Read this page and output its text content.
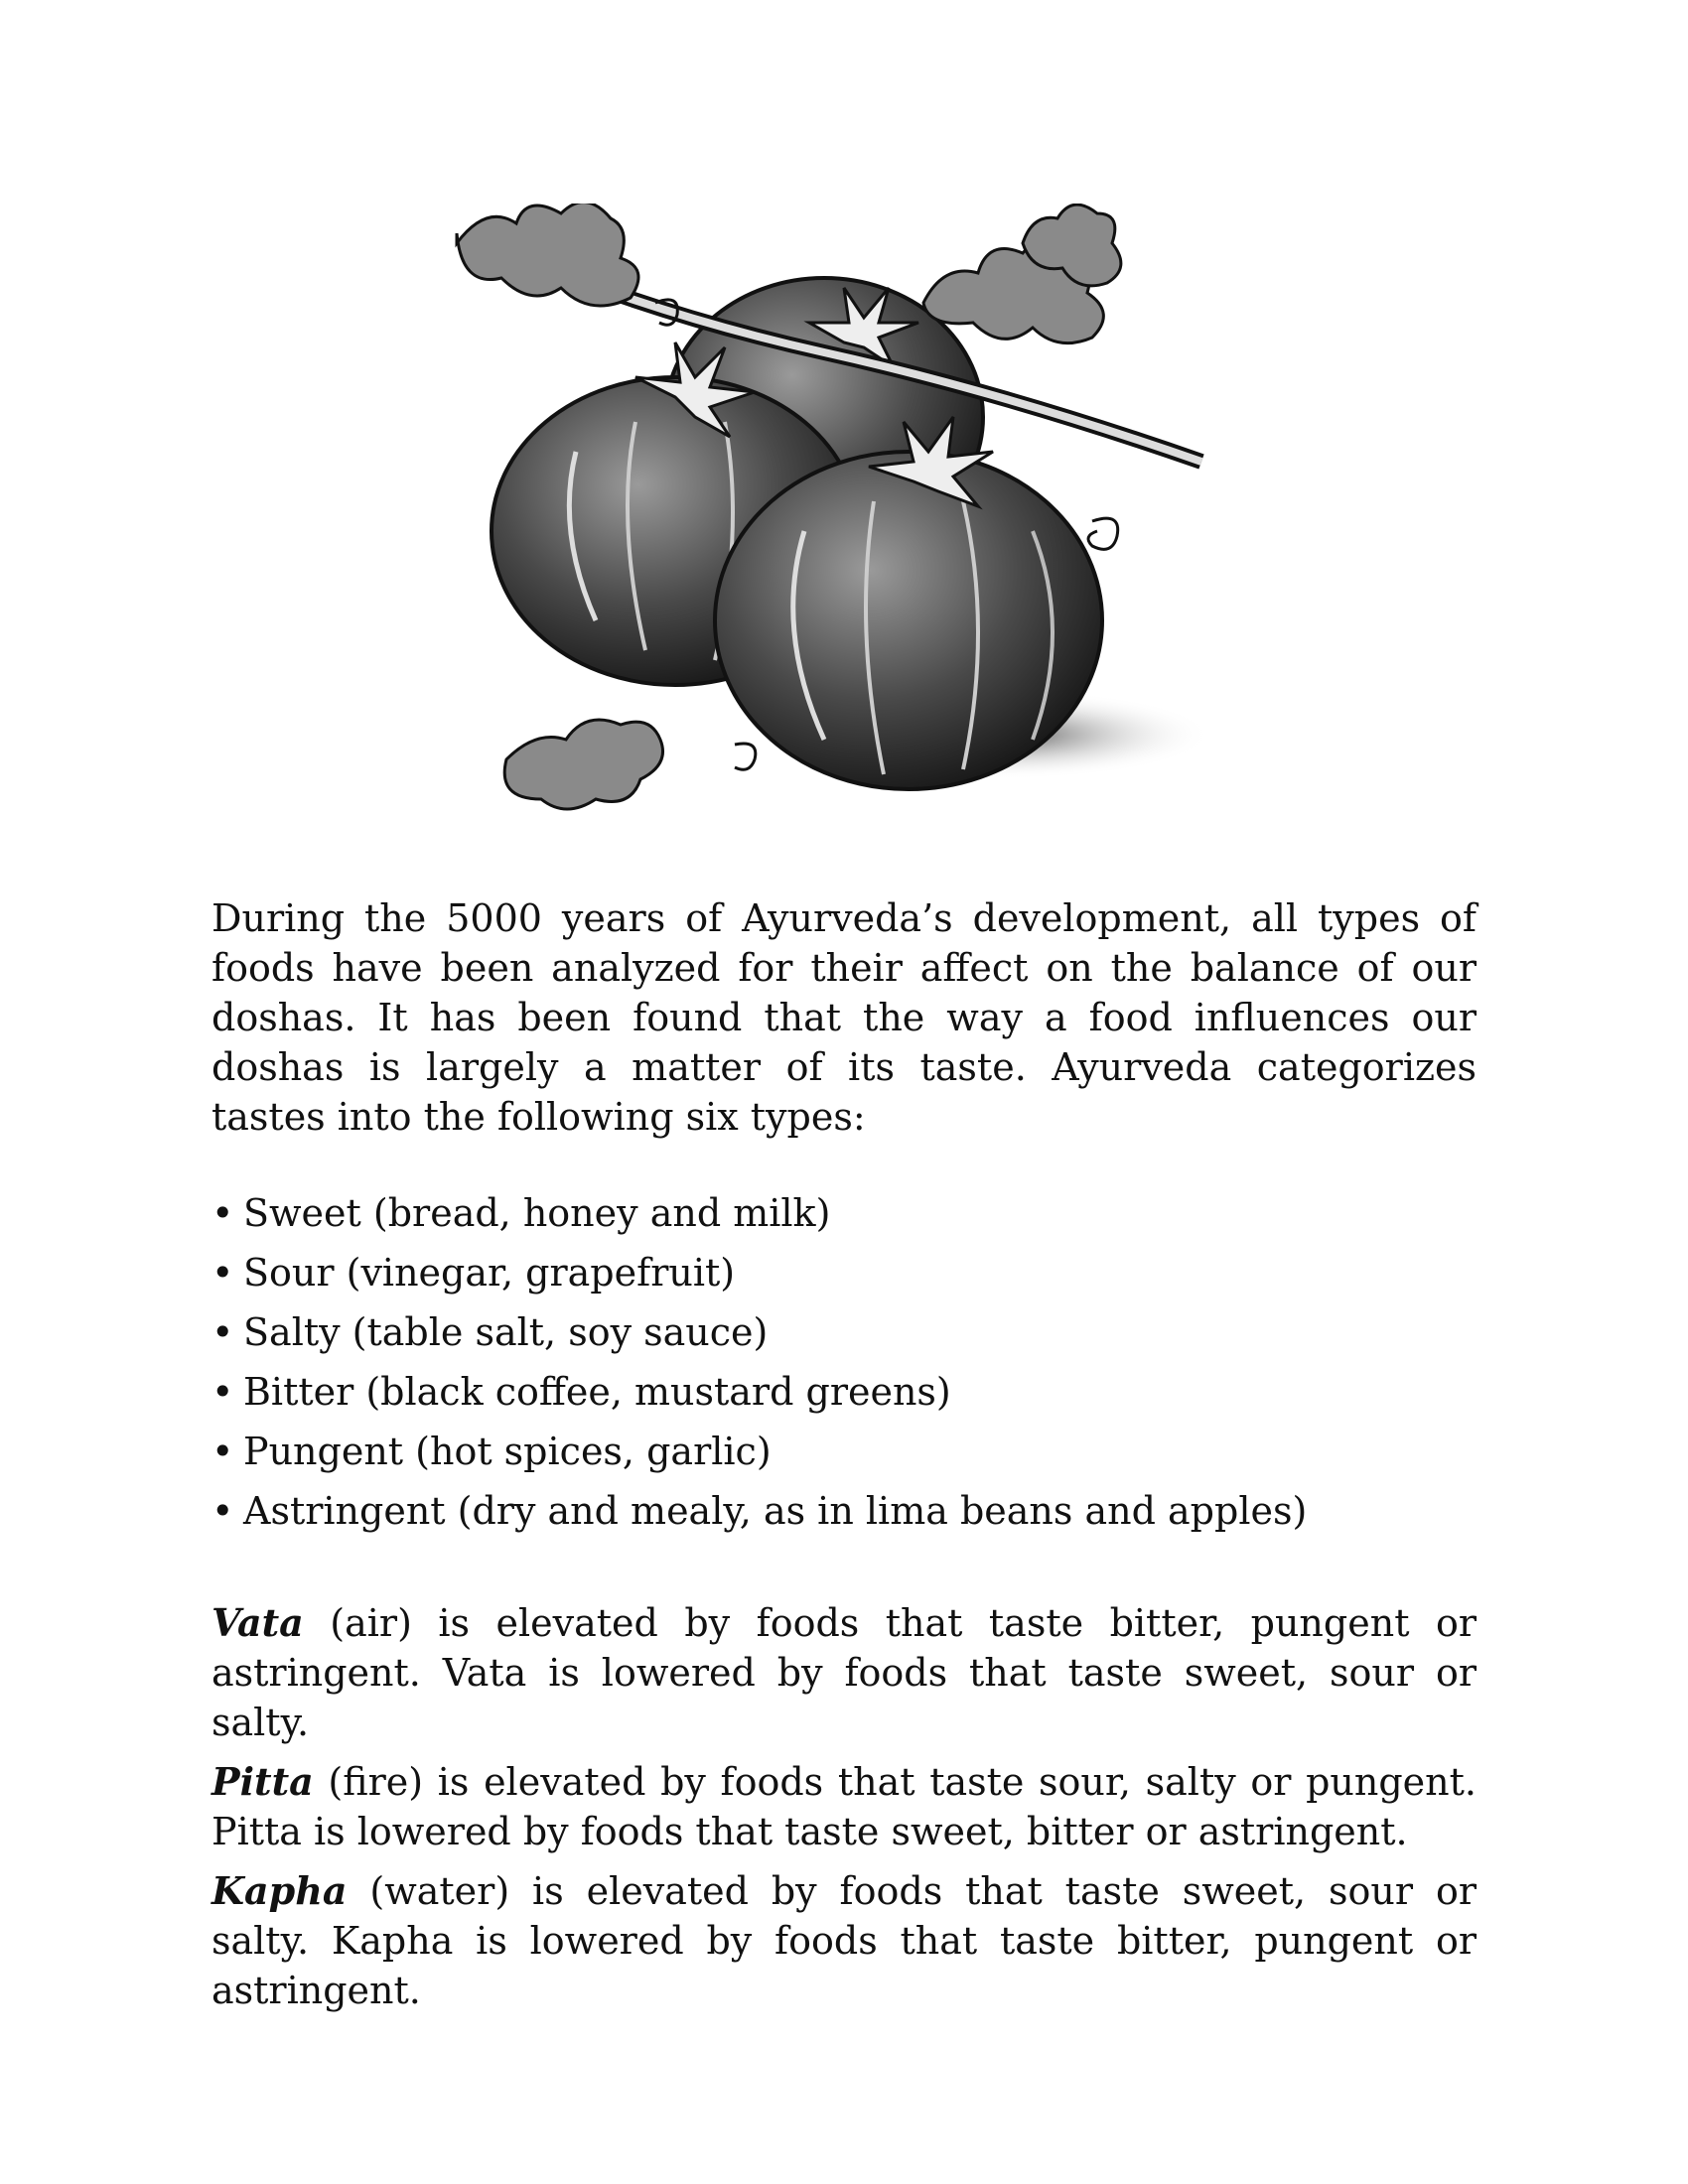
During the 5000 years of Ayurveda’s development, all types of foods have been analyzed for their affect on the balance of our doshas. It has been found that the way a food influences our doshas is largely a matter of its taste. Ayurveda categorizes tastes into the following six types:

• Sweet (bread, honey and milk)
• Sour (vinegar, grapefruit)
• Salty (table salt, soy sauce)
• Bitter (black coffee, mustard greens)
• Pungent (hot spices, garlic)
• Astringent (dry and mealy, as in lima beans and apples)

Vata (air) is elevated by foods that taste bitter, pungent or astringent. Vata is lowered by foods that taste sweet, sour or salty.

Pitta (fire) is elevated by foods that taste sour, salty or pungent. Pitta is lowered by foods that taste sweet, bitter or astringent.

Kapha (water) is elevated by foods that taste sweet, sour or salty. Kapha is lowered by foods that taste bitter, pungent or astringent.
